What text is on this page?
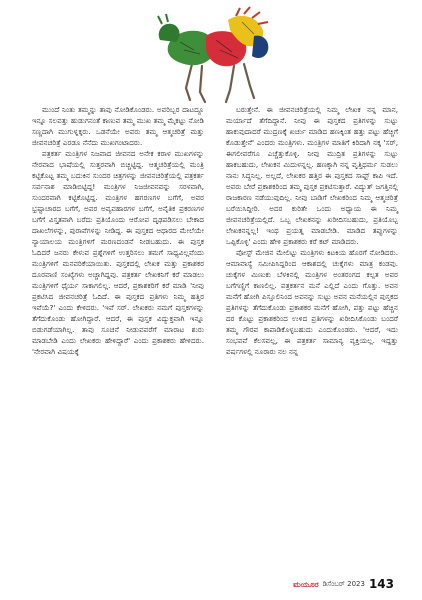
ಮುಂದೆ ನಿಂತು ತಮ್ಮನ್ನು ತಾವು ನೋಡಿಕೊಂಡರು. ಅವರಿಬ್ಬರ ದಾಟದ್ದೂ ಇನ್ನೂ ಸಲವತ್ತು ಹುಡುಗನಂತೆ ಕಾಣುವ ತಮ್ಮ ಮುಖ ತಮ್ಮ ಮೈಕಟ್ಟು ನೋಡಿ ಸಣ್ಣದಾಗಿ ಮುಗುಳ್ನಕ್ಕರು. ಒಡನೆಯೇ ಅವರು ತಮ್ಮ ಆತ್ಮಚರಿತ್ರೆ ಮತ್ತು ಜೀವನಚರಿತ್ರೆ ಎರಡೂ ನೆನೆದು ಮುಖಗಂಟಾದರು.

ಪತ್ರಕರ್ತ ಮಂತ್ರಿಗಳ ನಿಜವಾದ ಜೀವನದ ಅನೇಕ ಕರಾಳ ಮುಖಗಳನ್ನು ನೇರವಾದ ಭಾಷೆಯಲ್ಲಿ ಸುತ್ತರವಾಗಿ ಬಿಚ್ಚಿಟ್ಟಿದ್ದ. ಆತ್ಮಚರಿತ್ರೆಯಲ್ಲಿ ಮಂತ್ರಿ ಕಟ್ಟಿಕೊಟ್ಟ ತಮ್ಮ ಬದುಕಿನ ಸುಂದರ ಚಿತ್ರಗಳನ್ನು ಜೀವನಚರಿತ್ರೆಯಲ್ಲಿ ಪತ್ರಕರ್ತ ಸರ್ವನಾಶ ಮಾಡಿಬಿಟ್ಟಿದ್ದ! ಮಂತ್ರಿಗಳ ನಿಜಜೀವನವನ್ನು ಸರಳವಾಗಿ, ಸುಂದರವಾಗಿ ಕಟ್ಟಿಕೊಟ್ಟಿದ್ದ. ಮಂತ್ರಿಗಳ ಹಗರಣಗಳ ಬಗೆಗೆ, ಅವರ ಭ್ರಷ್ಟಾಚಾರದ ಬಗೆಗೆ, ಅವರ ಅವ್ಯವಹಾರಗಳ ಬಗೆಗೆ, ಅನೈತಿಕ ಪ್ರಕರಣಗಳ ಬಗೆಗೆ ವಿಸ್ತೃತವಾಗಿ ಬರೆದು ಪ್ರತಿಯೊಂದು ಆರೋಪ ದೃಢಪಡಿಸಲು ಬೇಕಾದ ದಾಖಲೆಗಳನ್ನು, ಪುರಾವೆಗಳನ್ನು ನೀಡಿದ್ದ. ಈ ಪುಸ್ತಕದ ಆಧಾರದ ಮೇಲೆಯೇ ನ್ಯಾಯಾಲಯ ಮಂತ್ರಿಗಳಿಗೆ ಮರಣದಂಡನೆ ನೀಡಬಹುದು. ಈ ಪುಸ್ತಕ ಓದಿದರೆ ಜನರು ಕೇಳುವ ಪ್ರಶ್ನೆಗಳಿಗೆ ಉತ್ತರಿಸಲು ತಮಗೆ ಸಾಧ್ಯವಿಲ್ಲವೆಂದು ಮಂತ್ರಿಗಳಿಗೆ ಮನವರಿಕೆಯಾಯಿತು. ಪುಸ್ತಕದಲ್ಲಿ ಲೇಖಕ ಮತ್ತು ಪ್ರಕಾಶಕರ ದೂರವಾಣಿ ಸಂಖ್ಯೆಗಳು ಅಚ್ಚಾಗಿದ್ದವು. ಪತ್ರಕರ್ತ ಲೇಖಕನಿಗೆ ಕರೆ ಮಾಡಲು ಮಂತ್ರಿಗಳಿಗೆ ಧೈರ್ಯ ಸಾಕಾಗಲಿಲ್ಲ. ಆದರೆ, ಪ್ರಕಾಶಕರಿಗೆ ಕರೆ ಮಾಡಿ 'ನೀವು ಪ್ರಕಟಿಸಿದ ಜೀವನಚರಿತ್ರೆ ಓದಿದೆ. ಈ ಪುಸ್ತಕದ ಪ್ರತಿಗಳು ನಿಮ್ಮ ಹತ್ತಿರ ಇವೆಯೆ?' ಎಂದು ಕೇಳಿದರು. 'ಇವೆ ಸರ್. ಲೇಖಕರು ನಮಗೆ ಪುಸ್ತಕಗಳನ್ನು ತೆಗೆದುಕೊಂಡು ಹೋಗಿದ್ದಾರೆ. ಆದರೆ, ಈ ಪುಸ್ತಕ ವಿದ್ಯುಕ್ತವಾಗಿ ಇನ್ನೂ ಬಿಡುಗಡೆಯಾಗಿಲ್ಲ. ತಾವು ಸೂಚನೆ ನೀಡುವವರೆಗೆ ಮಾರಾಟ ಶುರು ಮಾಡಬೇಡಿ ಎಂದು ಲೇಖಕರು ಹೇಳಿದ್ದಾರೆ' ಎಂದು ಪ್ರಕಾಶಕರು ಹೇಳಿದರು. 'ನೇರವಾಗಿ ವಿಷಯಕ್ಕೆ

ಬರುತ್ತೇನೆ. ಈ ಜೀವನಚರಿತ್ರೆಯಲ್ಲಿ ನಿಮ್ಮ ಲೇಖಕ ನನ್ನ ಮಾನ, ಮರ್ಯಾದೆ ತೆಗೆದಿದ್ದಾನೆ. ನೀವು ಈ ಪುಸ್ತಕದ ಪ್ರತಿಗಳನ್ನು ಸುಟ್ಟು ಹಾಕುವುದಾದರೆ ಮುದ್ರಣಕ್ಕೆ ಖರ್ಚು ಮಾಡಿದ ಹಣಕ್ಕಿಂತ ಹತ್ತು ಪಟ್ಟು ಹೆಚ್ಚಿಗೆ ಕೊಡುತ್ತೇನೆ' ಎಂದರು ಮಂತ್ರಿಗಳು. ಮಂತ್ರಿಗಳ ಮಾತಿಗೆ ಕಿರಿದಾಗಿ ನಕ್ಕ 'ಸರ್, ಈಗಲೀವರೆಗೂ ಎಚ್ಚೆತ್ತುಕೊಳ್ಳಿ. ನೀವು ಮುದ್ರಿತ ಪ್ರತಿಗಳನ್ನು ಸುಟ್ಟು ಹಾಕಬಹುದು, ಲೇಖಕನ ಮಿದುಳನ್ನಲ್ಲ. ಹಣಕ್ಕಾಗಿ ನನ್ನ ವೃತ್ತಿಧರ್ಮ ಸುಡಲು ನಾನು ಸಿದ್ಧನಿಲ್ಲ. ಅಲ್ಲದೆ, ಲೇಖಕರ ಹತ್ತಿರ ಈ ಪುಸ್ತಕದ ಸಾಫ್ಟ್ ಕಾಪಿ ಇದೆ. ಅವರು ಬೇರೆ ಪ್ರಕಾಶಕರಿಂದ ತಮ್ಮ ಪುಸ್ತಕ ಪ್ರಕಟಿಸುತ್ತಾರೆ. ವಿದ್ಯುತ್ ಜಗತ್ತಿನಲ್ಲಿ ರಾಜಕಾರಣ ನಡೆಯುವುದಿಲ್ಲ. ನೀವು ಬಾಡಿಗೆ ಲೇಖಕರಿಂದ ನಿಮ್ಮ ಆತ್ಮಚರಿತ್ರೆ ಬರೆಯಿಸಿದ್ದೀರಿ. ಅದರ ಕುರಿತೇ ಒಂದು ಅಧ್ಯಾಯ ಈ ನಿಮ್ಮ ಜೀವನಚರಿತ್ರೆಯಲ್ಲಿದೆ. ಒಬ್ಬ ಲೇಖಕನನ್ನು ಖರೀದಿಸಬಹುದು, ಪ್ರತಿಯೊಬ್ಬ ಲೇಖಕನನ್ನಲ್ಲ! ಇಂಥ ಪ್ರಯತ್ನ ಮಾಡಬೇಡಿ. ಮಾಡಿದ ತಪ್ಪುಗಳನ್ನು ಒಪ್ಪಿಕೊಳ್ಳಿ' ಎಂದು ಹೇಳಿ ಪ್ರಕಾಶಕರು ಕರೆ ಕಟ್ ಮಾಡಿದರು.

ಪೋಸ್ಟ್ ಮೇಜಿನ ಮೇಲಿಟ್ಟು ಮಂತ್ರಿಗಳು ಕಿಟಕಿಯ ಹೊರಗೆ ನೋಡಿದರು. ಆಮಾವಾಸ್ಯೆ ಸಮೀಪಿಸಿದ್ದರಿಂದ ಆಕಾಶದಲ್ಲಿ ಚುಕ್ಕೆಗಳು ಮಾತ್ರ ಕಂಡವು. ಚುಕ್ಕೆಗಳ ಮಿಣುಕು ಬೆಳಕಿನಲ್ಲಿ ಮಂತ್ರಿಗಳ ಅಂತರಂಗದ ಕಲ್ಪತ ಅವರ ಬಗೆಗಣ್ಣಿಗೆ ಕಾಣಲಿಲ್ಲ. ಪತ್ರಕರ್ತನ ಮನೆ ಎಲ್ಲಿದೆ ಎಂದು ಗೊತ್ತು. ಅವನ ಮನೆಗೆ ಹೋಗಿ ಪಿಸ್ತೂಲಿನಿಂದ ಅವನನ್ನು ಸುಟ್ಟು ಅವನ ಮನೆಯಲ್ಲಿನ ಪುಸ್ತಕದ ಪ್ರತಿಗಳನ್ನು ತೆಗೆದುಕೊಂಡು ಪ್ರಕಾಶಕರ ಮನೆಗೆ ಹೋಗಿ, ಪತ್ತು ಪಟ್ಟು ಹೆಚ್ಚಿನ ದರ ಕೊಟ್ಟು ಪ್ರಕಾಶಕರಿಂದ ಉಳಿದ ಪ್ರತಿಗಳನ್ನು ಖರೀದಿಸಿಕೊಂಡು ಬಂದರೆ ತಮ್ಮ ಗೌರವ ಕಾಪಾಡಿಕೊಳ್ಳಬಹುದು ಎಂದುಕೊಂಡರು. 'ಆದರೆ, ಇದು ಸಂಭವವೆ ಕೆಲಸವಲ್ಲ, ಈ ಪತ್ರಕರ್ತ ಸಾಮಾನ್ಯ ವ್ಯಕ್ತಿಯಲ್ಲ. ಇದ್ದತ್ತು ವರ್ಷಗಳಲ್ಲಿ ನೂರಾರು ನಲ ನನ್ನ

ಮಯೂರ ಡಿಸೆಂಬರ್ 2023 143
